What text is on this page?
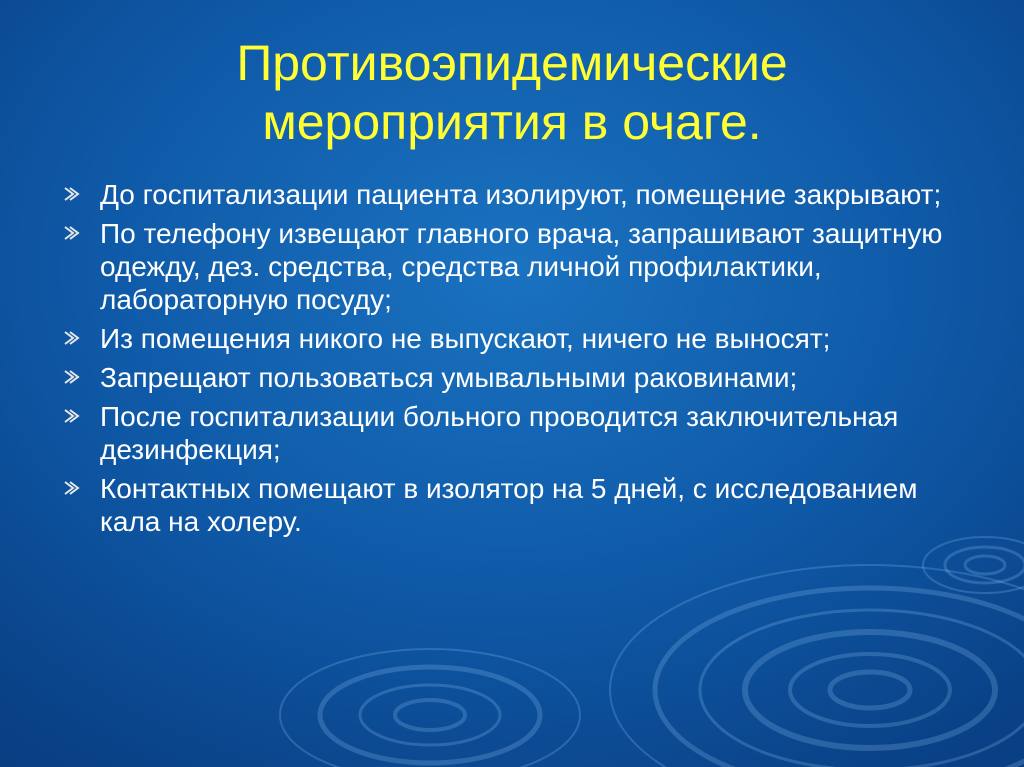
Противоэпидемические
мероприятия в очаге.
До госпитализации пациента изолируют, помещение закрывают;
По телефону извещают главного врача, запрашивают защитную одежду, дез. средства, средства личной профилактики, лабораторную посуду;
Из помещения никого не выпускают, ничего не выносят;
Запрещают пользоваться умывальными раковинами;
После госпитализации больного проводится заключительная дезинфекция;
Контактных помещают в изолятор на 5 дней, с исследованием кала на холеру.
